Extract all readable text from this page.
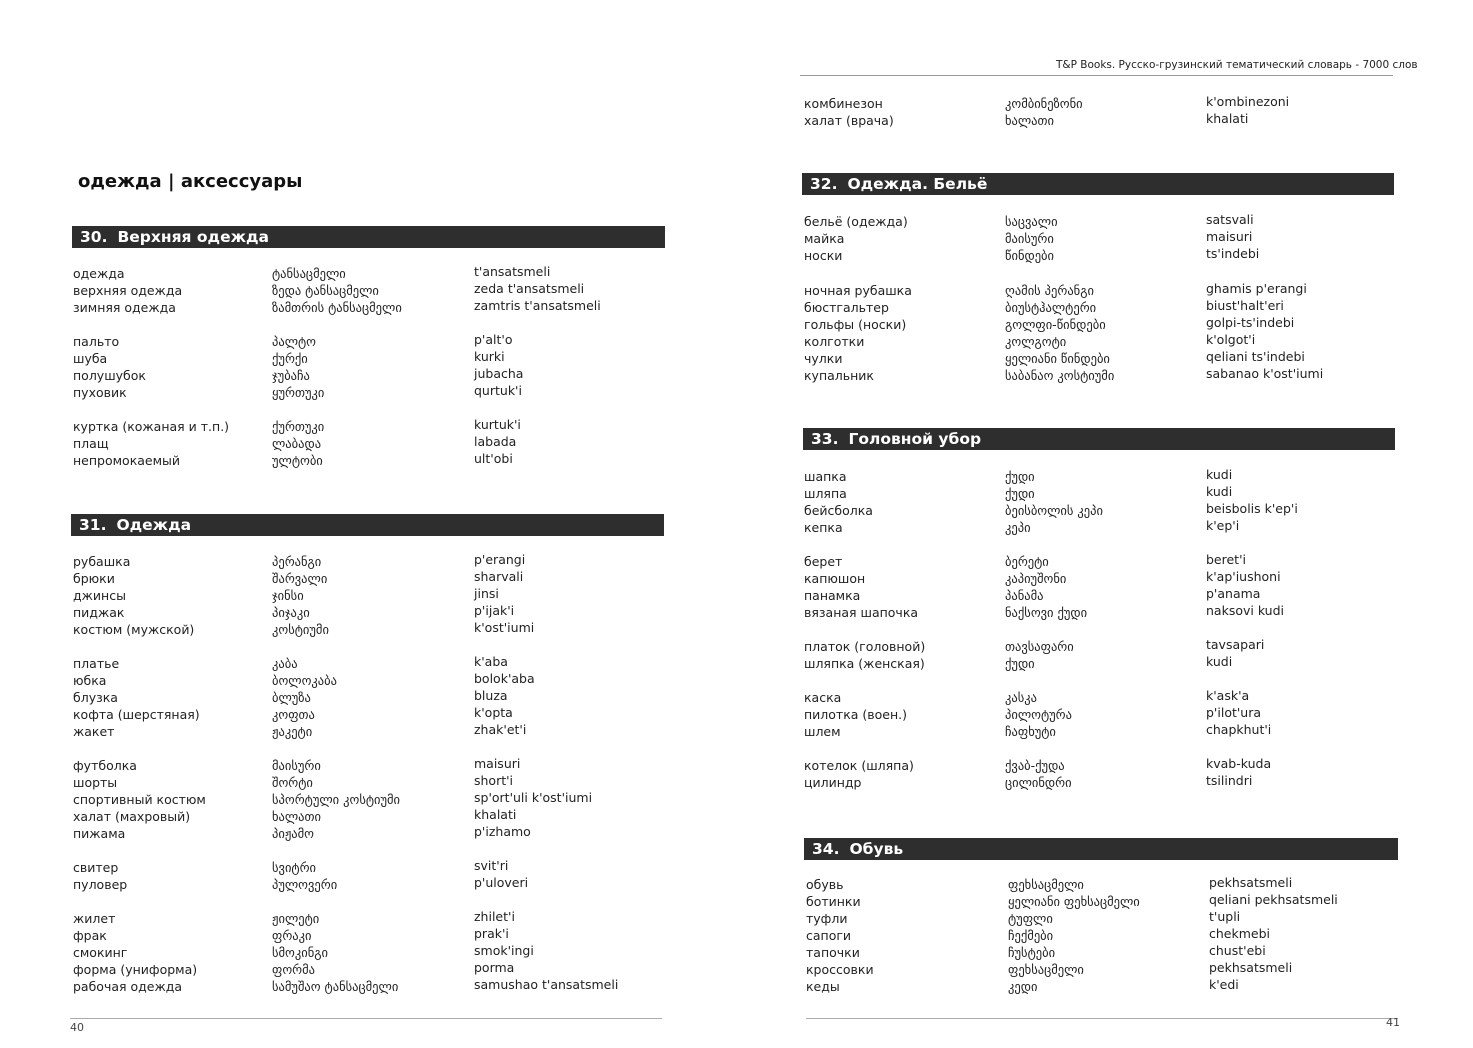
одежда | аксессуары
30. Верхняя одежда
31. Одежда
40
одежда	ტანსაცმელი	t'ansatsmeli
верхняя одежда	ზედა ტანსაცმელი	zeda t'ansatsmeli
зимняя одежда	ზამთრის ტანსაცმელი	zamtris t'ansatsmeli
пальто	პალტო	p'alt'o
шуба	ქურქი	kurki
полушубок	ჯუბაჩა	jubacha
пуховик	ყურთუკი	qurtuk'i
куртка (кожаная и т.п.)	ქურთუკი	kurtuk'i
плащ	ლაბადა	labada
непромокаемый	ულტობი	ult'obi
рубашка	პერანგი	p'erangi
брюки	შარვალი	sharvali
джинсы	ჯინსი	jinsi
пиджак	პიჯაკი	p'ijak'i
костюм (мужской)	კოსტიუმი	k'ost'iumi
платье	კაბა	k'aba
юбка	ბოლოკაბა	bolok'aba
блузка	ბლუზა	bluza
кофта (шерстяная)	კოფთა	k'opta
жакет	ჟაკეტი	zhak'et'i
футболка	მაისური	maisuri
шорты	შორტი	short'i
спортивный костюм	სპორტული კოსტიუმი	sp'ort'uli k'ost'iumi
халат (махровый)	ხალათი	khalati
пижама	პიჟამო	p'izhamo
свитер	სვიტრი	svit'ri
пуловер	პულოვერი	p'uloveri
жилет	ჟილეტი	zhilet'i
фрак	ფრაკი	prak'i
смокинг	სმოკინგი	smok'ingi
форма (униформа)	ფორმა	porma
рабочая одежда	სამუშაო ტანსაცმელი	samushao t'ansatsmeli
T&P Books. Русско-грузинский тематический словарь - 7000 слов
32. Одежда. Бельё
33. Головной убор
34. Обувь
41
комбинезон	კომბინეზონი	k'ombinezoni
халат (врача)	ხალათი	khalati
бельё (одежда)	საცვალი	satsvali
майка	მაისური	maisuri
носки	წინდები	ts'indebi
ночная рубашка	ღამის პერანგი	ghamis p'erangi
бюстгальтер	ბიუსტჰალტერი	biust'halt'eri
гольфы (носки)	გოლფი-წინდები	golpi-ts'indebi
колготки	კოლგოტი	k'olgot'i
чулки	ყელიანი წინდები	qeliani ts'indebi
купальник	საბანაო კოსტიუმი	sabanao k'ost'iumi
шапка	ქუდი	kudi
шляпа	ქუდი	kudi
бейсболка	ბეისბოლის კეპი	beisbolis k'ep'i
кепка	კეპი	k'ep'i
берет	ბერეტი	beret'i
капюшон	კაპიუშონი	k'ap'iushoni
панамка	პანამა	p'anama
вязаная шапочка	ნაქსოვი ქუდი	naksovi kudi
платок (головной)	თავსაფარი	tavsapari
шляпка (женская)	ქუდი	kudi
каска	კასკა	k'ask'a
пилотка (воен.)	პილოტურა	p'ilot'ura
шлем	ჩაფხუტი	chapkhut'i
котелок (шляпа)	ქვაბ-ქუდა	kvab-kuda
цилиндр	ცილინდრი	tsilindri
обувь	ფეხსაცმელი	pekhsatsmeli
ботинки	ყელიანი ფეხსაცმელი	qeliani pekhsatsmeli
туфли	ტუფლი	t'upli
сапоги	ჩექმები	chekmebi
тапочки	ჩუსტები	chust'ebi
кроссовки	ფეხსაცმელი	pekhsatsmeli
кеды	კედი	k'edi
